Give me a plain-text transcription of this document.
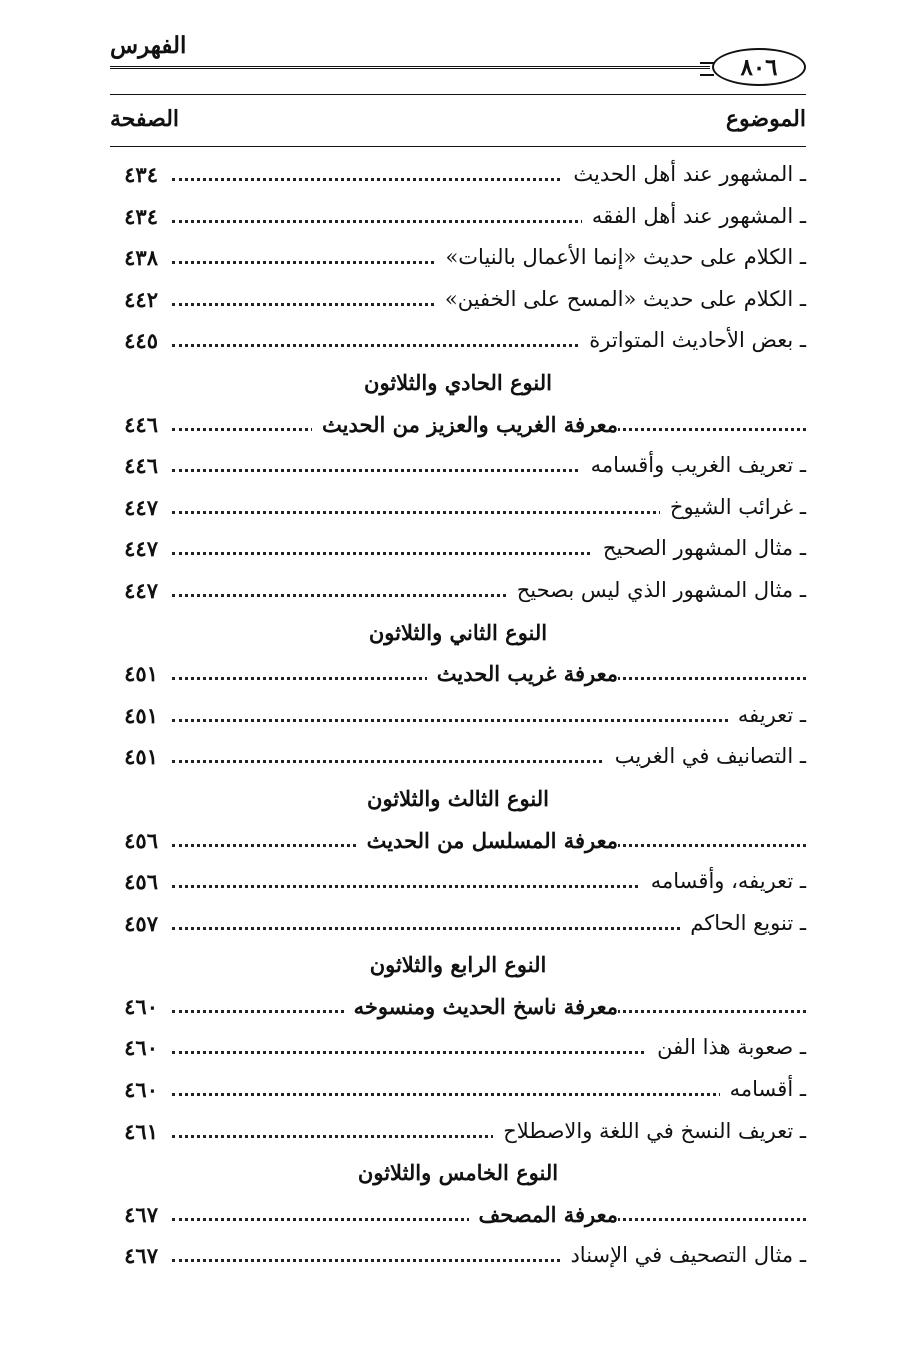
الفهرس
٨٠٦
الموضوع
الصفحة
ـ المشهور عند أهل الحديث
٤٣٤
ـ المشهور عند أهل الفقه
٤٣٤
ـ الكلام على حديث «إنما الأعمال بالنيات»
٤٣٨
ـ الكلام على حديث «المسح على الخفين»
٤٤٢
ـ بعض الأحاديث المتواترة
٤٤٥
النوع الحادي والثلاثون
معرفة الغريب والعزيز من الحديث
٤٤٦
ـ تعريف الغريب وأقسامه
٤٤٦
ـ غرائب الشيوخ
٤٤٧
ـ مثال المشهور الصحيح
٤٤٧
ـ مثال المشهور الذي ليس بصحيح
٤٤٧
النوع الثاني والثلاثون
معرفة غريب الحديث
٤٥١
ـ تعريفه
٤٥١
ـ التصانيف في الغريب
٤٥١
النوع الثالث والثلاثون
معرفة المسلسل من الحديث
٤٥٦
ـ تعريفه، وأقسامه
٤٥٦
ـ تنويع الحاكم
٤٥٧
النوع الرابع والثلاثون
معرفة ناسخ الحديث ومنسوخه
٤٦٠
ـ صعوبة هذا الفن
٤٦٠
ـ أقسامه
٤٦٠
ـ تعريف النسخ في اللغة والاصطلاح
٤٦١
النوع الخامس والثلاثون
معرفة المصحف
٤٦٧
ـ مثال التصحيف في الإسناد
٤٦٧
